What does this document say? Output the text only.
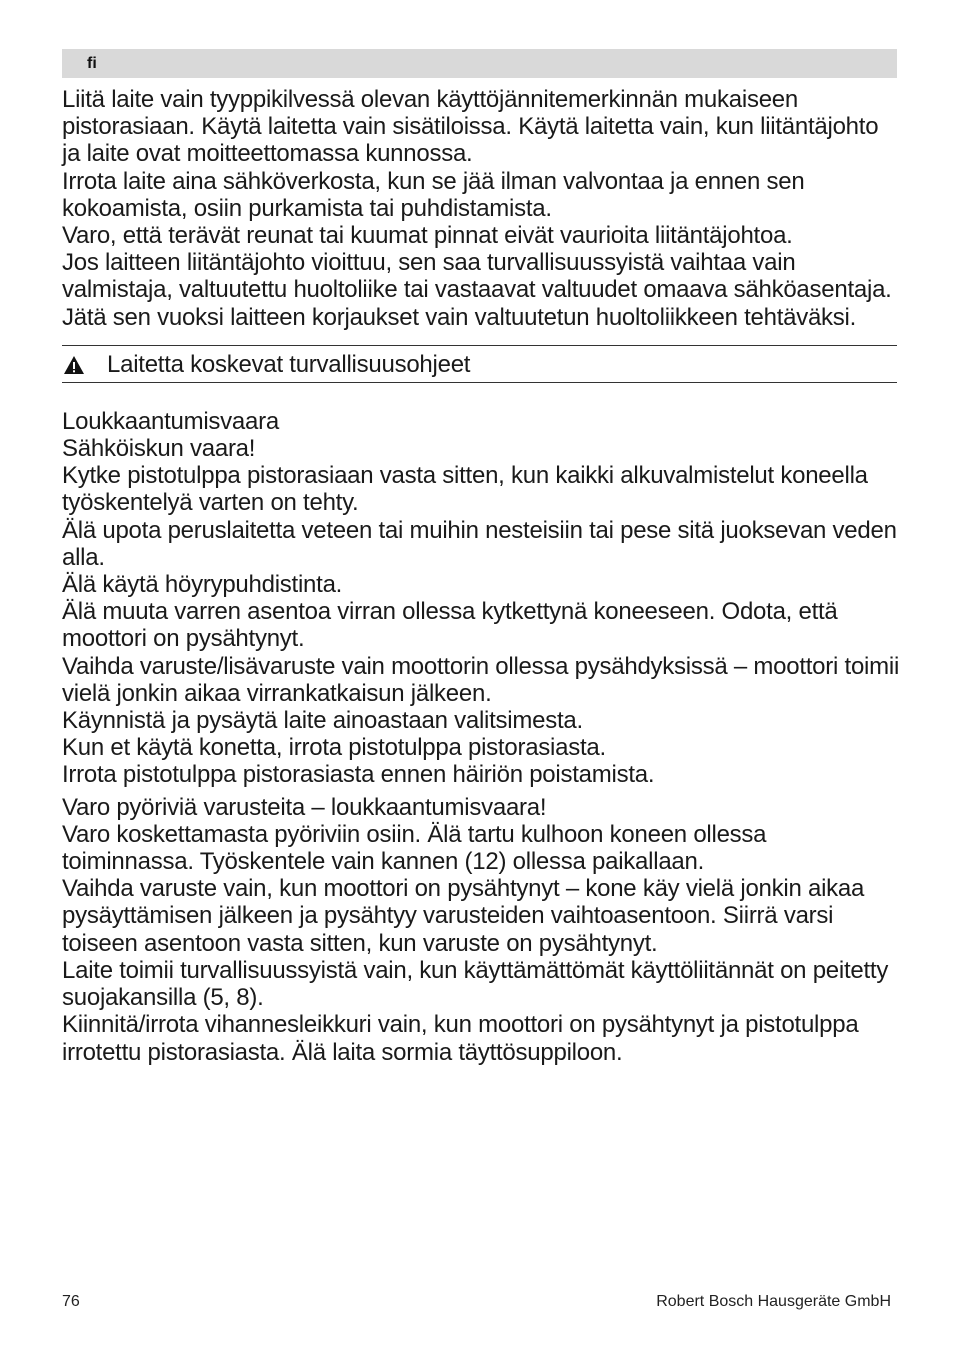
fi

Liitä laite vain tyyppikilvessä olevan käyttöjännitemerkinnän mukaiseen pistorasiaan. Käytä laitetta vain sisätiloissa. Käytä laitetta vain, kun liitäntäjohto ja laite ovat moitteettomassa kunnossa.

Irrota laite aina sähköverkosta, kun se jää ilman valvontaa ja ennen sen kokoamista, osiin purkamista tai puhdistamista.

Varo, että terävät reunat tai kuumat pinnat eivät vaurioita liitäntäjohtoa.

Jos laitteen liitäntäjohto vioittuu, sen saa turvallisuussyistä vaihtaa vain valmistaja, valtuutettu huoltoliike tai vastaavat valtuudet omaava sähköasentaja.

Jätä sen vuoksi laitteen korjaukset vain valtuutetun huoltoliikkeen tehtäväksi.

Laitetta koskevat turvallisuusohjeet

Loukkaantumisvaara

Sähköiskun vaara!

Kytke pistotulppa pistorasiaan vasta sitten, kun kaikki alkuvalmistelut koneella työskentelyä varten on tehty.

Älä upota peruslaitetta veteen tai muihin nesteisiin tai pese sitä juoksevan veden alla.

Älä käytä höyrypuhdistinta.

Älä muuta varren asentoa virran ollessa kytkettynä koneeseen. Odota, että moottori on pysähtynyt.

Vaihda varuste/lisävaruste vain moottorin ollessa pysähdyksissä – moottori toimii vielä jonkin aikaa virrankatkaisun jälkeen.

Käynnistä ja pysäytä laite ainoastaan valitsimesta.

Kun et käytä konetta, irrota pistotulppa pistorasiasta.

Irrota pistotulppa pistorasiasta ennen häiriön poistamista.

Varo pyöriviä varusteita – loukkaantumisvaara!

Varo koskettamasta pyöriviin osiin. Älä tartu kulhoon koneen ollessa toiminnassa. Työskentele vain kannen (12) ollessa paikallaan.

Vaihda varuste vain, kun moottori on pysähtynyt – kone käy vielä jonkin aikaa pysäyttämisen jälkeen ja pysähtyy varusteiden vaihtoasentoon. Siirrä varsi toiseen asentoon vasta sitten, kun varuste on pysähtynyt.

Laite toimii turvallisuussyistä vain, kun käyttämättömät käyttöliitännät on peitetty suojakansilla (5, 8).

Kiinnitä/irrota vihannesleikkuri vain, kun moottori on pysähtynyt ja pistotulppa irrotettu pistorasiasta. Älä laita sormia täyttösuppiloon.

76	Robert Bosch Hausgeräte GmbH
